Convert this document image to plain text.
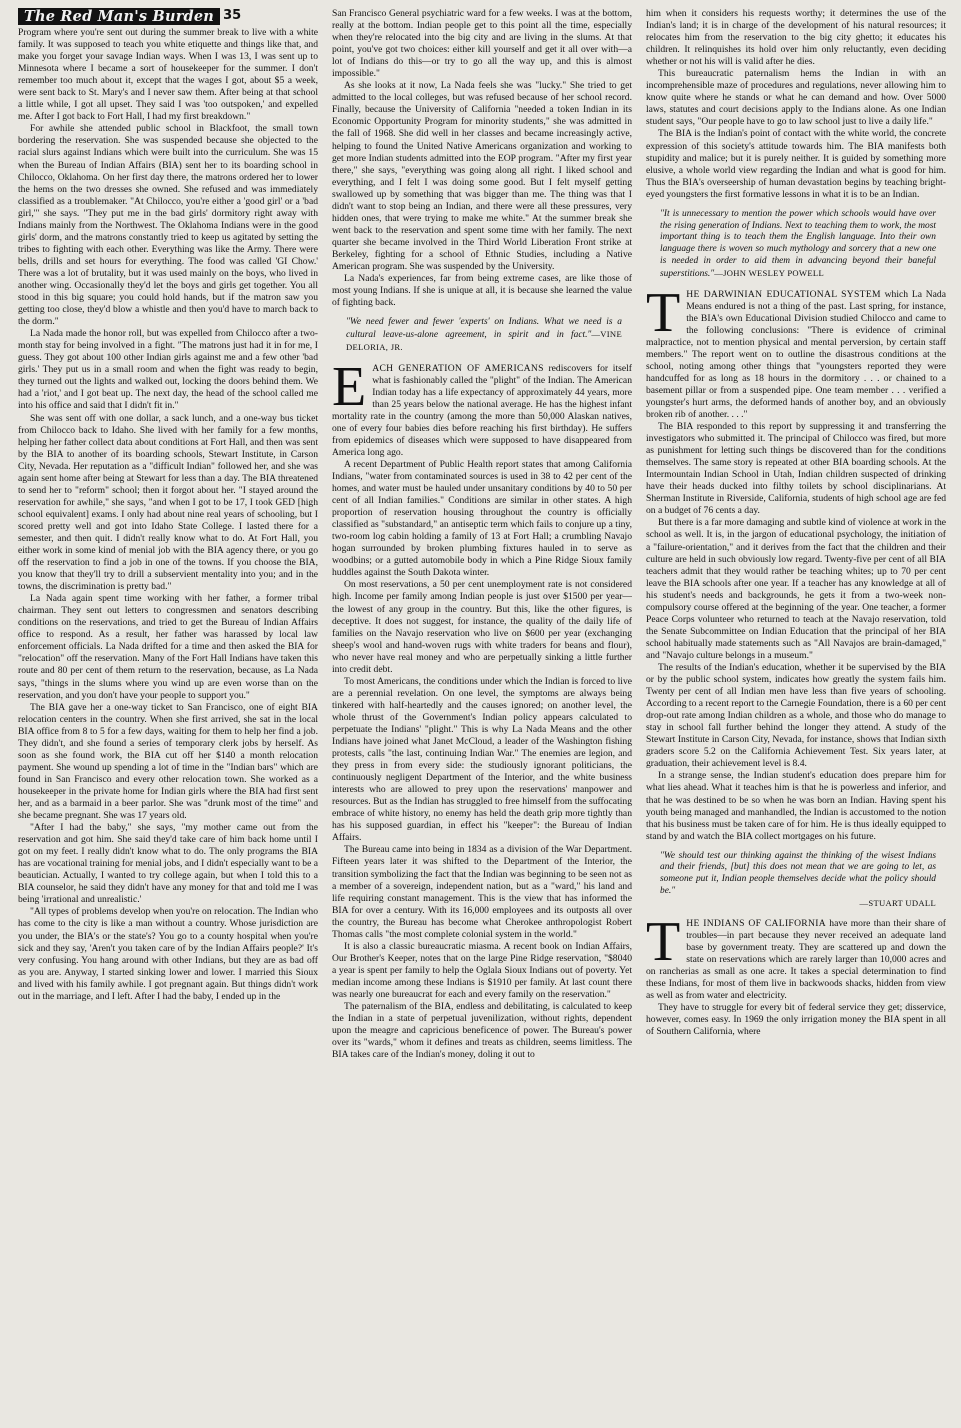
The Red Man's Burden 35

Program where you're sent out during the summer break to live with a white family. It was supposed to teach you white etiquette and things like that, and make you forget your savage Indian ways. When I was 13, I was sent up to Minnesota where I became a sort of housekeeper for the summer. I don't remember too much about it, except that the wages I got, about $5 a week, were sent back to St. Mary's and I never saw them. After being at that school a little while, I got all upset. They said I was 'too outspoken,' and expelled me. After I got back to Fort Hall, I had my first breakdown."

For awhile she attended public school in Blackfoot, the small town bordering the reservation. She was suspended because she objected to the racial slurs against Indians which were built into the curriculum. She was 15 when the Bureau of Indian Affairs (BIA) sent her to its boarding school in Chilocco, Oklahoma. On her first day there, the matrons ordered her to lower the hems on the two dresses she owned. She refused and was immediately classified as a troublemaker. "At Chilocco, you're either a 'good girl' or a 'bad girl,'" she says. "They put me in the bad girls' dormitory right away with Indians mainly from the Northwest. The Oklahoma Indians were in the good girls' dorm, and the matrons constantly tried to keep us agitated by setting the tribes to fighting with each other. Everything was like the Army. There were bells, drills and set hours for everything. The food was called 'GI Chow.' There was a lot of brutality, but it was used mainly on the boys, who lived in another wing. Occasionally they'd let the boys and girls get together. You all stood in this big square; you could hold hands, but if the matron saw you getting too close, they'd blow a whistle and then you'd have to march back to the dorm."

La Nada made the honor roll, but was expelled from Chilocco after a two-month stay for being involved in a fight. "The matrons just had it in for me, I guess. They got about 100 other Indian girls against me and a few other 'bad girls.' They put us in a small room and when the fight was ready to begin, they turned out the lights and walked out, locking the doors behind them. We had a 'riot,' and I got beat up. The next day, the head of the school called me into his office and said that I didn't fit in."

She was sent off with one dollar, a sack lunch, and a one-way bus ticket from Chilocco back to Idaho. She lived with her family for a few months, helping her father collect data about conditions at Fort Hall, and then was sent by the BIA to another of its boarding schools, Stewart Institute, in Carson City, Nevada. Her reputation as a "difficult Indian" followed her, and she was again sent home after being at Stewart for less than a day. The BIA threatened to send her to "reform" school; then it forgot about her. "I stayed around the reservation for awhile," she says, "and when I got to be 17, I took GED [high school equivalent] exams. I only had about nine real years of schooling, but I scored pretty well and got into Idaho State College. I lasted there for a semester, and then quit. I didn't really know what to do. At Fort Hall, you either work in some kind of menial job with the BIA agency there, or you go off the reservation to find a job in one of the towns. If you choose the BIA, you know that they'll try to drill a subservient mentality into you; and in the towns, the discrimination is pretty bad."

La Nada again spent time working with her father, a former tribal chairman. They sent out letters to congressmen and senators describing conditions on the reservations, and tried to get the Bureau of Indian Affairs office to respond. As a result, her father was harassed by local law enforcement officials. La Nada drifted for a time and then asked the BIA for "relocation" off the reservation. Many of the Fort Hall Indians have taken this route and 80 per cent of them return to the reservation, because, as La Nada says, "things in the slums where you wind up are even worse than on the reservation, and you don't have your people to support you."

The BIA gave her a one-way ticket to San Francisco, one of eight BIA relocation centers in the country. When she first arrived, she sat in the local BIA office from 8 to 5 for a few days, waiting for them to help her find a job. They didn't, and she found a series of temporary clerk jobs by herself. As soon as she found work, the BIA cut off her $140 a month relocation payment. She wound up spending a lot of time in the "Indian bars" which are found in San Francisco and every other relocation town. She worked as a housekeeper in the private home for Indian girls where the BIA had first sent her, and as a barmaid in a beer parlor. She was "drunk most of the time" and she became pregnant. She was 17 years old.

"After I had the baby," she says, "my mother came out from the reservation and got him. She said they'd take care of him back home until I got on my feet. I really didn't know what to do. The only programs the BIA has are vocational training for menial jobs, and I didn't especially want to be a beautician. Actually, I wanted to try college again, but when I told this to a BIA counselor, he said they didn't have any money for that and told me I was being 'irrational and unrealistic.'

"All types of problems develop when you're on relocation. The Indian who has come to the city is like a man without a country. Whose jurisdiction are you under, the BIA's or the state's? You go to a county hospital when you're sick and they say, 'Aren't you taken care of by the Indian Affairs people?' It's very confusing. You hang around with other Indians, but they are as bad off as you are. Anyway, I started sinking lower and lower. I married this Sioux and lived with his family awhile. I got pregnant again. But things didn't work out in the marriage, and I left. After I had the baby, I ended up in the

San Francisco General psychiatric ward for a few weeks. I was at the bottom, really at the bottom. Indian people get to this point all the time, especially when they're relocated into the big city and are living in the slums. At that point, you've got two choices: either kill yourself and get it all over with—a lot of Indians do this—or try to go all the way up, and this is almost impossible."

As she looks at it now, La Nada feels she was "lucky." She tried to get admitted to the local colleges, but was refused because of her school record. Finally, because the University of California "needed a token Indian in its Economic Opportunity Program for minority students," she was admitted in the fall of 1968. She did well in her classes and became increasingly active, helping to found the United Native Americans organization and working to get more Indian students admitted into the EOP program. "After my first year there," she says, "everything was going along all right. I liked school and everything, and I felt I was doing some good. But I felt myself getting swallowed up by something that was bigger than me. The thing was that I didn't want to stop being an Indian, and there were all these pressures, very hidden ones, that were trying to make me white." At the summer break she went back to the reservation and spent some time with her family. The next quarter she became involved in the Third World Liberation Front strike at Berkeley, fighting for a school of Ethnic Studies, including a Native American program. She was suspended by the University.

La Nada's experiences, far from being extreme cases, are like those of most young Indians. If she is unique at all, it is because she learned the value of fighting back.

"We need fewer and fewer 'experts' on Indians. What we need is a cultural leave-us-alone agreement, in spirit and in fact."—VINE DELORIA, JR.

EACH GENERATION OF AMERICANS rediscovers for itself what is fashionably called the "plight" of the Indian. The American Indian today has a life expectancy of approximately 44 years, more than 25 years below the national average. He has the highest infant mortality rate in the country (among the more than 50,000 Alaskan natives, one of every four babies dies before reaching his first birthday). He suffers from epidemics of diseases which were supposed to have disappeared from America long ago.

A recent Department of Public Health report states that among California Indians, "water from contaminated sources is used in 38 to 42 per cent of the homes, and water must be hauled under unsanitary conditions by 40 to 50 per cent of all Indian families." Conditions are similar in other states. A high proportion of reservation housing throughout the country is officially classified as "substandard," an antiseptic term which fails to conjure up a tiny, two-room log cabin holding a family of 13 at Fort Hall; a crumbling Navajo hogan surrounded by broken plumbing fixtures hauled in to serve as woodbins; or a gutted automobile body in which a Pine Ridge Sioux family huddles against the South Dakota winter.

On most reservations, a 50 per cent unemployment rate is not considered high. Income per family among Indian people is just over $1500 per year—the lowest of any group in the country. But this, like the other figures, is deceptive. It does not suggest, for instance, the quality of the daily life of families on the Navajo reservation who live on $600 per year (exchanging sheep's wool and hand-woven rugs with white traders for beans and flour), who never have real money and who are perpetually sinking a little further into credit debt.

To most Americans, the conditions under which the Indian is forced to live are a perennial revelation. On one level, the symptoms are always being tinkered with half-heartedly and the causes ignored; on another level, the whole thrust of the Government's Indian policy appears calculated to perpetuate the Indians' "plight." This is why La Nada Means and the other Indians have joined what Janet McCloud, a leader of the Washington fishing protests, calls "the last, continuing Indian War." The enemies are legion, and they press in from every side: the studiously ignorant politicians, the continuously negligent Department of the Interior, and the white business interests who are allowed to prey upon the reservations' manpower and resources. But as the Indian has struggled to free himself from the suffocating embrace of white history, no enemy has held the death grip more tightly than has his supposed guardian, in effect his "keeper": the Bureau of Indian Affairs.

The Bureau came into being in 1834 as a division of the War Department. Fifteen years later it was shifted to the Department of the Interior, the transition symbolizing the fact that the Indian was beginning to be seen not as a member of a sovereign, independent nation, but as a "ward," his land and life requiring constant management. This is the view that has informed the BIA for over a century. With its 16,000 employees and its outposts all over the country, the Bureau has become what Cherokee anthropologist Robert Thomas calls "the most complete colonial system in the world."

It is also a classic bureaucratic miasma. A recent book on Indian Affairs, Our Brother's Keeper, notes that on the large Pine Ridge reservation, "$8040 a year is spent per family to help the Oglala Sioux Indians out of poverty. Yet median income among these Indians is $1910 per family. At last count there was nearly one bureaucrat for each and every family on the reservation."

The paternalism of the BIA, endless and debilitating, is calculated to keep the Indian in a state of perpetual juvenilization, without rights, dependent upon the meagre and capricious beneficence of power. The Bureau's power over its "wards," whom it defines and treats as children, seems limitless. The BIA takes care of the Indian's money, doling it out to

him when it considers his requests worthy; it determines the use of the Indian's land; it is in charge of the development of his natural resources; it relocates him from the reservation to the big city ghetto; it educates his children. It relinquishes its hold over him only reluctantly, even deciding whether or not his will is valid after he dies.

This bureaucratic paternalism hems the Indian in with an incomprehensible maze of procedures and regulations, never allowing him to know quite where he stands or what he can demand and how. Over 5000 laws, statutes and court decisions apply to the Indians alone. As one Indian student says, "Our people have to go to law school just to live a daily life."

The BIA is the Indian's point of contact with the white world, the concrete expression of this society's attitude towards him. The BIA manifests both stupidity and malice; but it is purely neither. It is guided by something more elusive, a whole world view regarding the Indian and what is good for him. Thus the BIA's overseership of human devastation begins by teaching bright-eyed youngsters the first formative lessons in what it is to be an Indian.

"It is unnecessary to mention the power which schools would have over the rising generation of Indians. Next to teaching them to work, the most important thing is to teach them the English language. Into their own language there is woven so much mythology and sorcery that a new one is needed in order to aid them in advancing beyond their baneful superstitions."—JOHN WESLEY POWELL

THE DARWINIAN EDUCATIONAL SYSTEM which La Nada Means endured is not a thing of the past. Last spring, for instance, the BIA's own Educational Division studied Chilocco and came to the following conclusions: "There is evidence of criminal malpractice, not to mention physical and mental perversion, by certain staff members." The report went on to outline the disastrous conditions at the school, noting among other things that "youngsters reported they were handcuffed for as long as 18 hours in the dormitory . . . or chained to a basement pillar or from a suspended pipe. One team member . . . verified a youngster's hurt arms, the deformed hands of another boy, and an obviously broken rib of another. . . ."

The BIA responded to this report by suppressing it and transferring the investigators who submitted it. The principal of Chilocco was fired, but more as punishment for letting such things be discovered than for the conditions themselves. The same story is repeated at other BIA boarding schools. At the Intermountain Indian School in Utah, Indian children suspected of drinking have their heads ducked into filthy toilets by school disciplinarians. At Sherman Institute in Riverside, California, students of high school age are fed on a budget of 76 cents a day.

But there is a far more damaging and subtle kind of violence at work in the school as well. It is, in the jargon of educational psychology, the initiation of a "failure-orientation," and it derives from the fact that the children and their culture are held in such obviously low regard. Twenty-five per cent of all BIA teachers admit that they would rather be teaching whites; up to 70 per cent leave the BIA schools after one year. If a teacher has any knowledge at all of his student's needs and backgrounds, he gets it from a two-week non-compulsory course offered at the beginning of the year. One teacher, a former Peace Corps volunteer who returned to teach at the Navajo reservation, told the Senate Subcommittee on Indian Education that the principal of her BIA school habitually made statements such as "All Navajos are brain-damaged," and "Navajo culture belongs in a museum."

The results of the Indian's education, whether it be supervised by the BIA or by the public school system, indicates how greatly the system fails him. Twenty per cent of all Indian men have less than five years of schooling. According to a recent report to the Carnegie Foundation, there is a 60 per cent drop-out rate among Indian children as a whole, and those who do manage to stay in school fall further behind the longer they attend. A study of the Stewart Institute in Carson City, Nevada, for instance, shows that Indian sixth graders score 5.2 on the California Achievement Test. Six years later, at graduation, their achievement level is 8.4.

In a strange sense, the Indian student's education does prepare him for what lies ahead. What it teaches him is that he is powerless and inferior, and that he was destined to be so when he was born an Indian. Having spent his youth being managed and manhandled, the Indian is accustomed to the notion that his business must be taken care of for him. He is thus ideally equipped to stand by and watch the BIA collect mortgages on his future.

"We should test our thinking against the thinking of the wisest Indians and their friends, [but] this does not mean that we are going to let, as someone put it, Indian people themselves decide what the policy should be."
—STUART UDALL

THE INDIANS OF CALIFORNIA have more than their share of troubles—in part because they never received an adequate land base by government treaty. They are scattered up and down the state on reservations which are rarely larger than 10,000 acres and on rancherias as small as one acre. It takes a special determination to find these Indians, for most of them live in backwoods shacks, hidden from view as well as from water and electricity.

They have to struggle for every bit of federal service they get; disservice, however, comes easy. In 1969 the only irrigation money the BIA spent in all of Southern California, where
